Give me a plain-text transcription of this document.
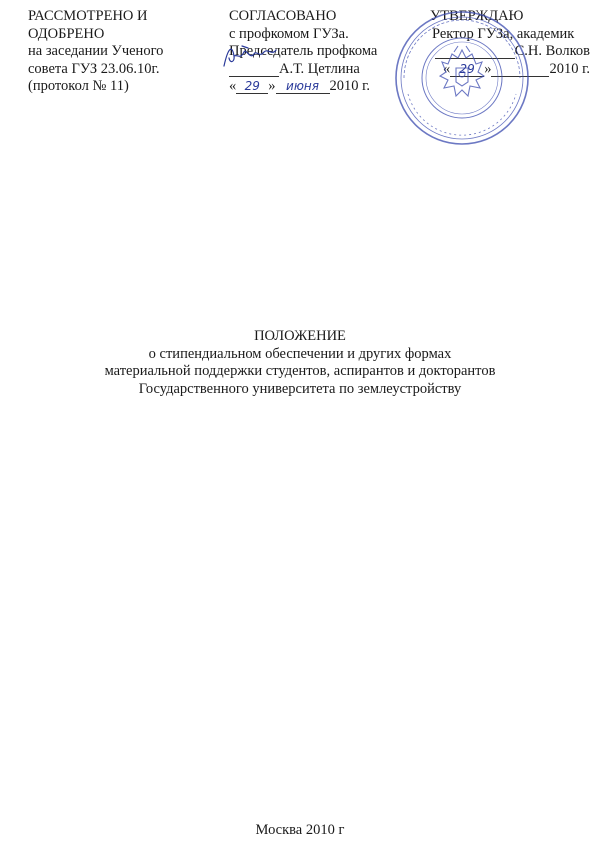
РАССМОТРЕНО И
ОДОБРЕНО
на заседании Ученого
совета ГУЗ 23.06.10г.
(протокол № 11)
СОГЛАСОВАНО
с профкомом ГУЗа.
Председатель профкома
А.Т. Цетлина
« 29 » июня 2010 г.
УТВЕРЖДАЮ
Ректор ГУЗа, академик
С.Н. Волков
« 29 »	2010 г.
ПОЛОЖЕНИЕ
о стипендиальном обеспечении и других формах
материальной поддержки студентов, аспирантов и докторантов
Государственного университета по землеустройству
Москва 2010 г
